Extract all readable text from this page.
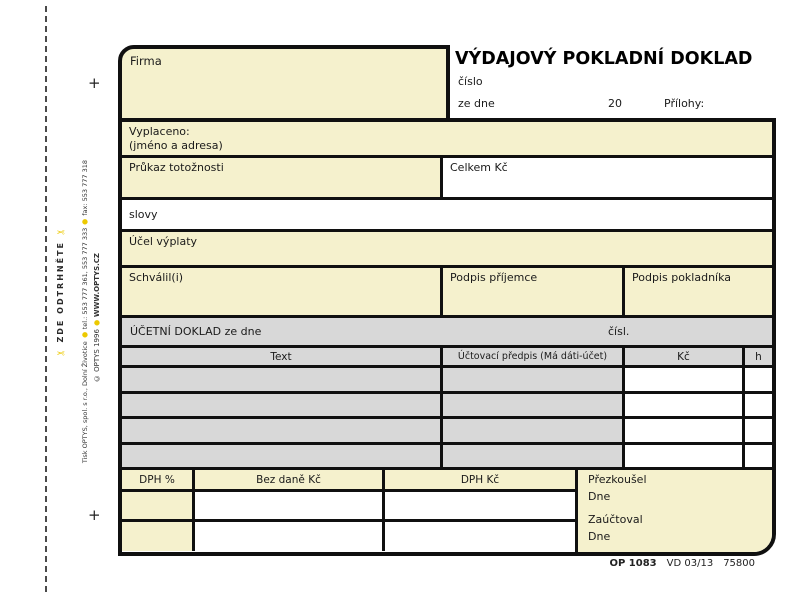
+
+
✂ZDE ODTRHNĚTE✂
Tisk OPTYS, spol. s r.o., Dolní Životice●tel.: 553 777 361, 553 777 333●fax: 553 777 318
© OPTYS 1996●WWW.OPTYS.CZ
Firma	VÝDAJOVÝ POKLADNÍ DOKLAD
číslo
ze dne	20	Přílohy:
Vyplaceno:
(jméno a adresa)
Průkaz totožnosti	Celkem Kč
slovy
Účel výplaty
Schválil(i)	Podpis příjemce	Podpis pokladníka
ÚČETNÍ DOKLAD ze dne	čísl.
Text	Účtovací předpis (Má dáti-účet)	Kč	h
DPH %	Bez daně Kč	DPH Kč	Přezkoušel
Dne
Zaúčtoval
Dne
OP 1083 VD 03/13 75800
